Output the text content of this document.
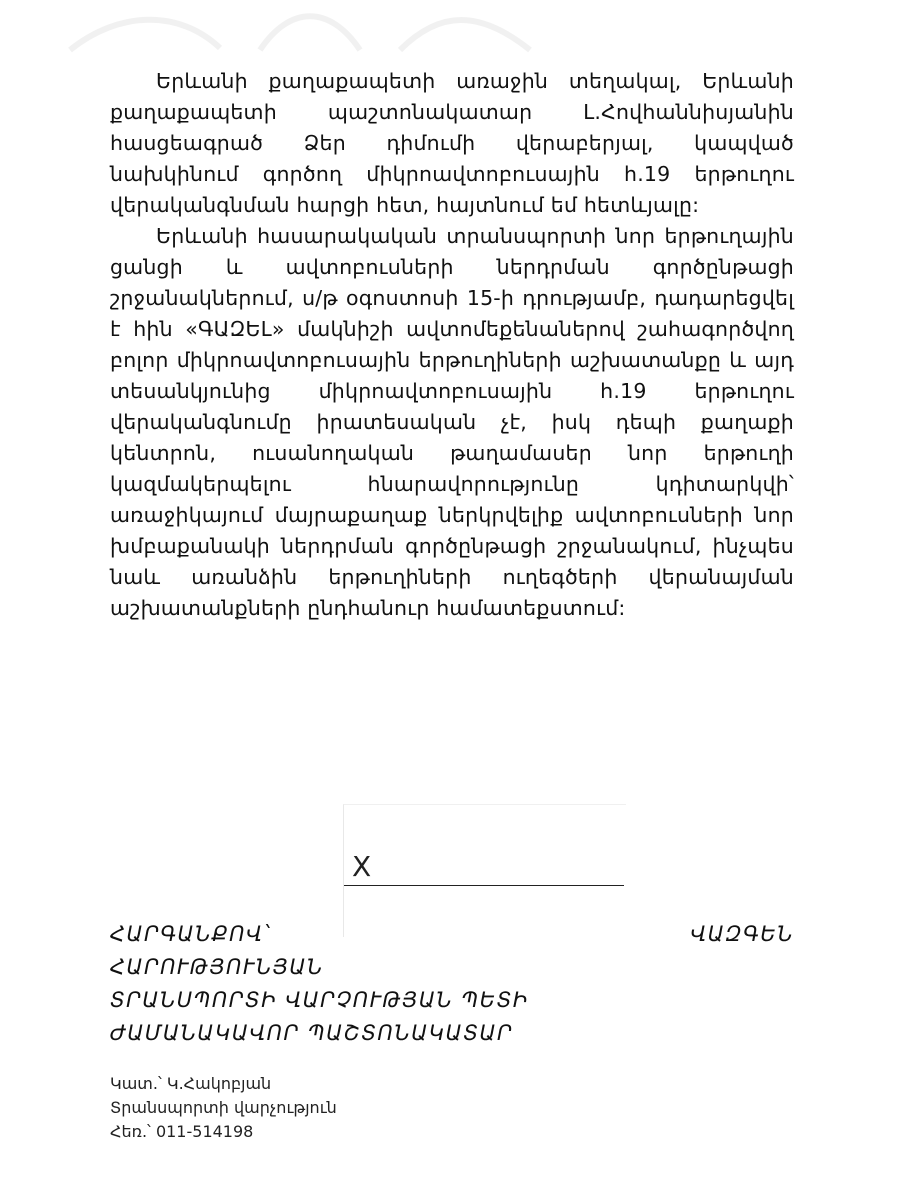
Երևանի քաղաքապետի առաջին տեղակալ, Երևանի քաղաքապետի պաշտոնակատար Լ.Հովհաննիսյանին հասցեագրած Ձեր դիմումի վերաբերյալ, կապված նախկինում գործող միկրոավտոբուսային հ.19 երթուղու վերականգնման հարցի հետ, հայտնում եմ հետևյալը:

Երևանի հասարակական տրանսպորտի նոր երթուղային ցանցի և ավտոբուսների ներդրման գործընթացի շրջանակներում, ս/թ օգոստոսի 15-ի դրությամբ, դադարեցվել է հին «ԳԱԶԵԼ» մակնիշի ավտոմեքենաներով շահագործվող բոլոր միկրոավտոբուսային երթուղիների աշխատանքը և այդ տեսանկյունից միկրոավտոբուսային հ.19 երթուղու վերականգնումը իրատեսական չէ, իսկ դեպի քաղաքի կենտրոն, ուսանողական թաղամասեր նոր երթուղի կազմակերպելու հնարավորությունը կդիտարկվի՝ առաջիկայում մայրաքաղաք ներկրվելիք ավտոբուսների նոր խմբաքանակի ներդրման գործընթացի շրջանակում, ինչպես նաև առանձին երթուղիների ուղեգծերի վերանայման աշխատանքների ընդհանուր համատեքստում:

X
ՀԱՐԳԱՆՔՈՎ՝	ՎԱԶԳԵՆ
ՀԱՐՈՒԹՅՈՒՆՅԱՆ
ՏՐԱՆՍՊՈՐՏԻ ՎԱՐՉՈՒԹՅԱՆ ՊԵՏԻ
ԺԱՄԱՆԱԿԱՎՈՐ ՊԱՇՏՈՆԱԿԱՏԱՐ
Կատ.՝ Կ.Հակոբյան
Տրանսպորտի վարչություն
Հեռ.՝ 011-514198
